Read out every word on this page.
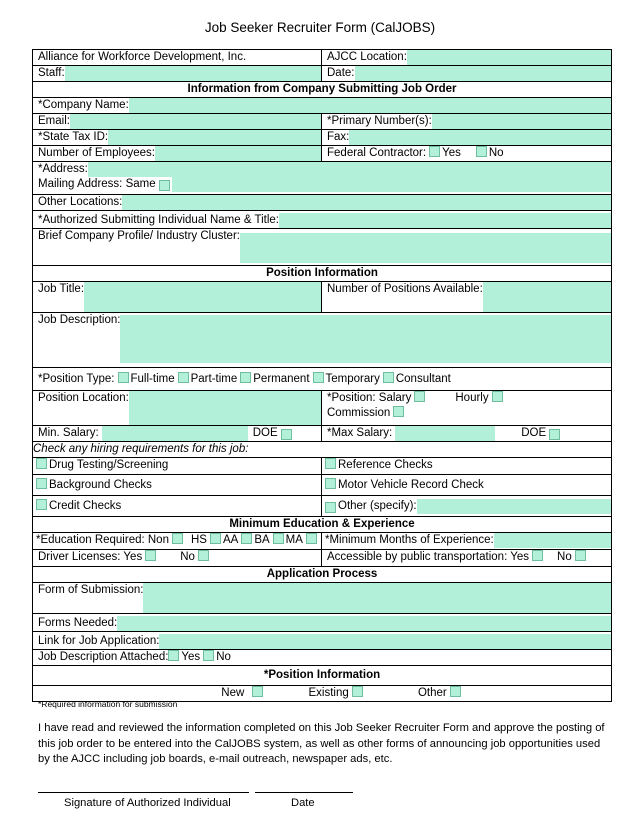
Job Seeker Recruiter Form (CalJOBS)
Alliance for Workforce Development, Inc.	AJCC Location:

Staff:	Date:

Information from Company Submitting Job Order	

*Company Name:	

Email:	*Primary Number(s):

*State Tax ID:	Fax:

Number of Employees:	Federal Contractor: Yes No

*Address:
Mailing Address: Same	

Other Locations:	

*Authorized Submitting Individual Name & Title:	

Brief Company Profile/ Industry Cluster:	

Position Information	

Job Title:	Number of Positions Available:

Job Description:	

*Position Type: Full-time Part-time Permanent Temporary Consultant	

Position Location:	*Position: Salary Hourly
Commission

Min. Salary: DOE	*Max Salary: DOE

Check any hiring requirements for this job:	
Drug Testing/Screening	Reference Checks
Background Checks	Motor Vehicle Record Check
Credit Checks	Other (specify):

Minimum Education & Experience	
*Education Required: Non HS AA BA MA	*Minimum Months of Experience:

Driver Licenses: Yes No	Accessible by public transportation: Yes No
Application Process	

Form of Submission:	

Forms Needed:	

Link for Job Application:	

Job Description Attached: Yes No	
*Position Information	
New Existing Other	
*Required information for submission
I have read and reviewed the information completed on this Job Seeker Recruiter Form and approve the posting of this job order to be entered into the CalJOBS system, as well as other forms of announcing job opportunities used by the AJCC including job boards, e-mail outreach, newspaper ads, etc.
Signature of Authorized Individual	Date
